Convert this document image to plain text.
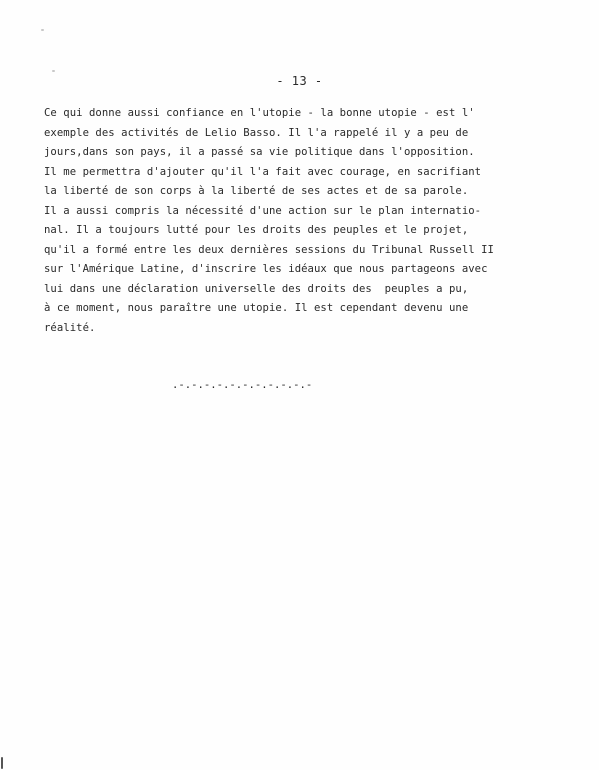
- 13 -
Ce qui donne aussi confiance en l'utopie - la bonne utopie - est l'
exemple des activités de Lelio Basso. Il l'a rappelé il y a peu de
jours,dans son pays, il a passé sa vie politique dans l'opposition.
Il me permettra d'ajouter qu'il l'a fait avec courage, en sacrifiant
la liberté de son corps à la liberté de ses actes et de sa parole.
Il a aussi compris la nécessité d'une action sur le plan internatio-
nal. Il a toujours lutté pour les droits des peuples et le projet,
qu'il a formé entre les deux dernières sessions du Tribunal Russell II
sur l'Amérique Latine, d'inscrire les idéaux que nous partageons avec
lui dans une déclaration universelle des droits des  peuples a pu,
à ce moment, nous paraître une utopie. Il est cependant devenu une
réalité.
.-.-.-.-.-.-.-.-.-.-.-
